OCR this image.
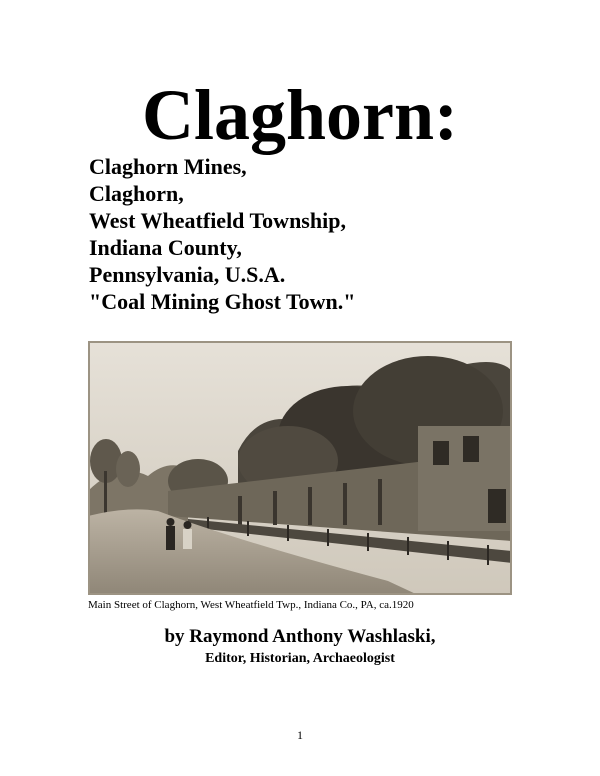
Claghorn:
Claghorn Mines,
Claghorn,
West Wheatfield Township,
Indiana County,
Pennsylvania, U.S.A.
"Coal Mining Ghost Town."
Main Street of Claghorn, West Wheatfield Twp., Indiana Co., PA, ca.1920
by Raymond Anthony Washlaski,
Editor, Historian, Archaeologist
1
